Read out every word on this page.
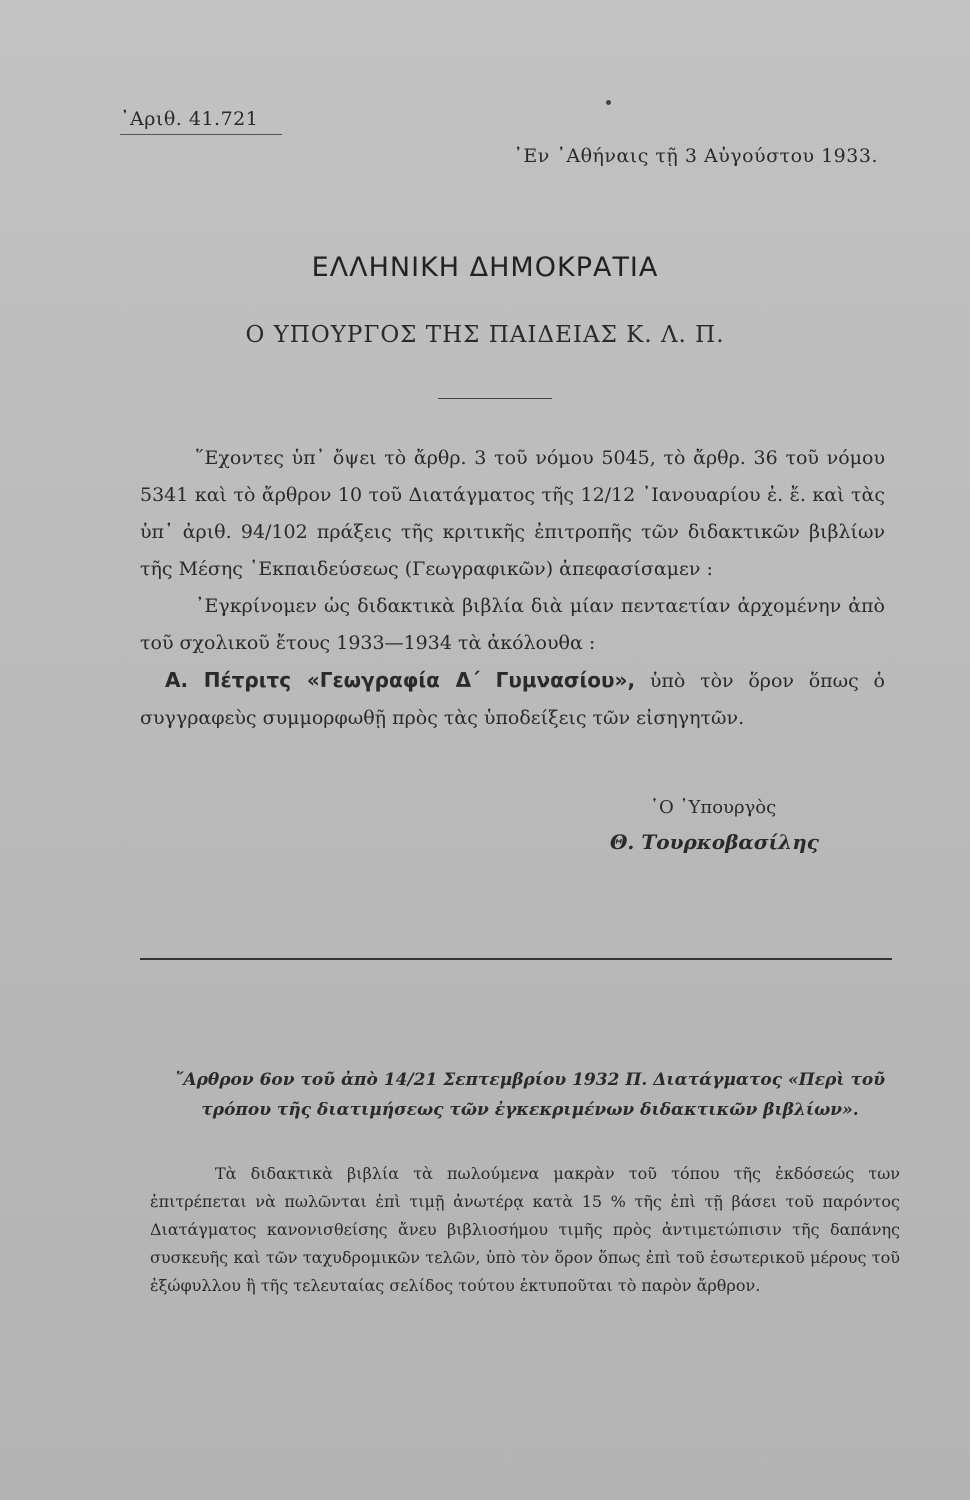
᾿Αριθ. 41.721
᾿Εν ᾿Αθήναις τῇ 3 Αὐγούστου 1933.
ΕΛΛΗΝΙΚΗ ΔΗΜΟΚΡΑΤΙΑ
Ο ΥΠΟΥΡΓΟΣ ΤΗΣ ΠΑΙΔΕΙΑΣ Κ. Λ. Π.

῞Εχοντες ὑπ᾿ ὄψει τὸ ἄρθρ. 3 τοῦ νόμου 5045, τὸ ἄρθρ. 36 τοῦ νόμου 5341 καὶ τὸ ἄρθρον 10 τοῦ Διατάγματος τῆς 12/12 ᾿Ιανουαρίου ἐ. ἔ. καὶ τὰς ὑπ᾿ ἀριθ. 94/102 πράξεις τῆς κριτικῆς ἐπιτροπῆς τῶν διδακτικῶν βιβλίων τῆς Μέσης ᾿Εκπαιδεύσεως (Γεωγραφικῶν) ἀπεφασίσαμεν :

᾿Εγκρίνομεν ὡς διδακτικὰ βιβλία διὰ μίαν πενταετίαν ἀρχομένην ἀπὸ τοῦ σχολικοῦ ἔτους 1933—1934 τὰ ἀκόλουθα :

Α. Πέτριτς «Γεωγραφία Δ΄ Γυμνασίου», ὑπὸ τὸν ὅρον ὅπως ὁ συγγραφεὺς συμμορφωθῇ πρὸς τὰς ὑποδείξεις τῶν εἰσηγητῶν.

῾Ο ῾Υπουργὸς
Θ. Τουρκοβασίλης
῎Αρθρον 6ον τοῦ ἀπὸ 14/21 Σεπτεμβρίου 1932 Π. Διατάγματος «Περὶ τοῦ τρόπου τῆς διατιμήσεως τῶν ἐγκεκριμένων διδακτικῶν βιβλίων».

Τὰ διδακτικὰ βιβλία τὰ πωλούμενα μακρὰν τοῦ τόπου τῆς ἐκδόσεώς των ἐπιτρέπεται νὰ πωλῶνται ἐπὶ τιμῇ ἀνωτέρᾳ κατὰ 15 % τῆς ἐπὶ τῇ βάσει τοῦ παρόντος Διατάγματος κανονισθείσης ἄνευ βιβλιοσήμου τιμῆς πρὸς ἀντιμετώπισιν τῆς δαπάνης συσκευῆς καὶ τῶν ταχυδρομικῶν τελῶν, ὑπὸ τὸν ὅρον ὅπως ἐπὶ τοῦ ἐσωτερικοῦ μέρους τοῦ ἐξώφυλλου ἢ τῆς τελευταίας σελίδος τούτου ἐκτυποῦται τὸ παρὸν ἄρθρον.
